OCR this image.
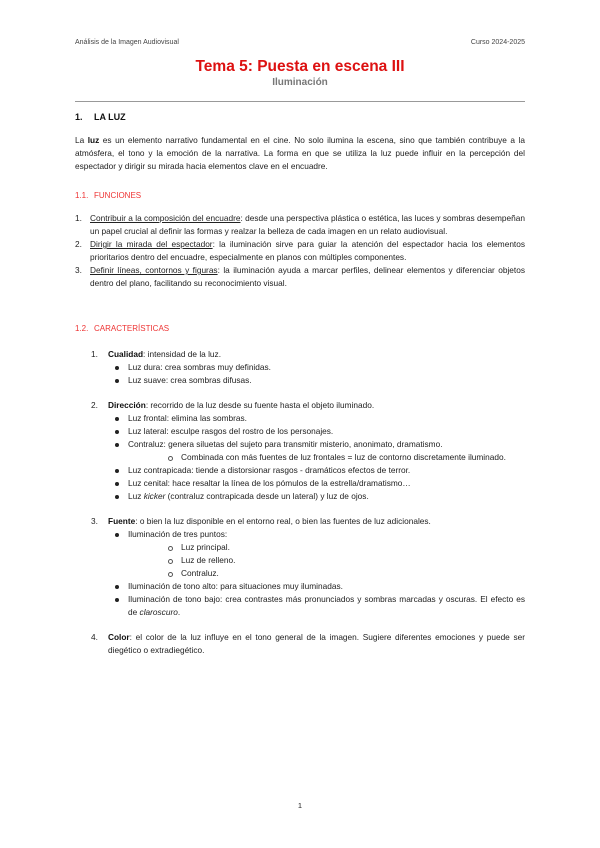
Análisis de la Imagen Audiovisual	Curso 2024-2025
Tema 5: Puesta en escena III
Iluminación
1. LA LUZ
La luz es un elemento narrativo fundamental en el cine. No solo ilumina la escena, sino que también contribuye a la atmósfera, el tono y la emoción de la narrativa. La forma en que se utiliza la luz puede influir en la percepción del espectador y dirigir su mirada hacia elementos clave en el encuadre.
1.1. FUNCIONES
1. Contribuir a la composición del encuadre: desde una perspectiva plástica o estética, las luces y sombras desempeñan un papel crucial al definir las formas y realzar la belleza de cada imagen en un relato audiovisual.
2. Dirigir la mirada del espectador: la iluminación sirve para guiar la atención del espectador hacia los elementos prioritarios dentro del encuadre, especialmente en planos con múltiples componentes.
3. Definir líneas, contornos y figuras: la iluminación ayuda a marcar perfiles, delinear elementos y diferenciar objetos dentro del plano, facilitando su reconocimiento visual.
1.2. CARACTERÍSTICAS
1. Cualidad: intensidad de la luz.
Luz dura: crea sombras muy definidas.
Luz suave: crea sombras difusas.
2. Dirección: recorrido de la luz desde su fuente hasta el objeto iluminado.
Luz frontal: elimina las sombras.
Luz lateral: esculpe rasgos del rostro de los personajes.
Contraluz: genera siluetas del sujeto para transmitir misterio, anonimato, dramatismo.
Combinada con más fuentes de luz frontales = luz de contorno discretamente iluminado.
Luz contrapicada: tiende a distorsionar rasgos - dramáticos efectos de terror.
Luz cenital: hace resaltar la línea de los pómulos de la estrella/dramatismo…
Luz kicker (contraluz contrapicada desde un lateral) y luz de ojos.
3. Fuente: o bien la luz disponible en el entorno real, o bien las fuentes de luz adicionales.
Iluminación de tres puntos:
Luz principal.
Luz de relleno.
Contraluz.
Iluminación de tono alto: para situaciones muy iluminadas.
Iluminación de tono bajo: crea contrastes más pronunciados y sombras marcadas y oscuras. El efecto es de claroscuro.
4. Color: el color de la luz influye en el tono general de la imagen. Sugiere diferentes emociones y puede ser diegético o extradiegético.
1
